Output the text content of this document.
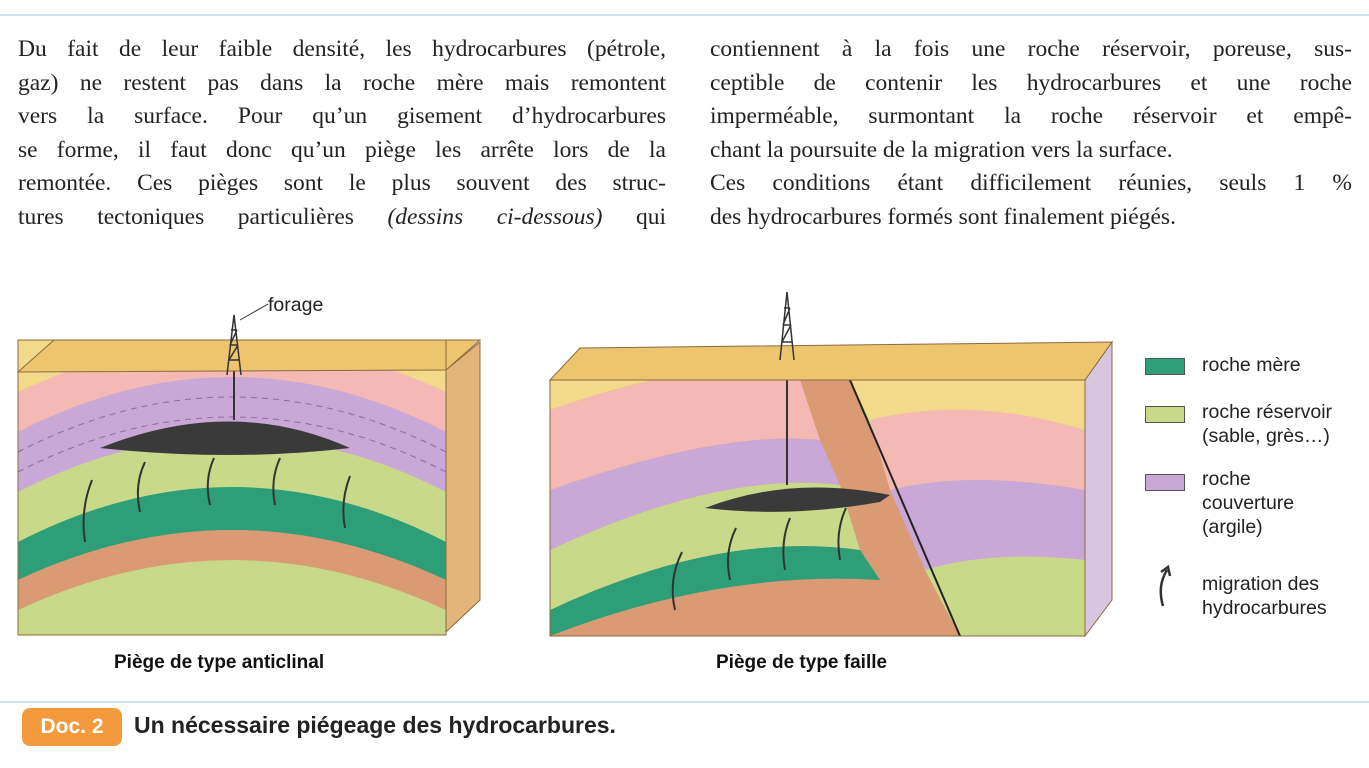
Du fait de leur faible densité, les hydrocarbures (pétrole,
gaz) ne restent pas dans la roche mère mais remontent
vers la surface. Pour qu’un gisement d’hydrocarbures
se forme, il faut donc qu’un piège les arrête lors de la
remontée. Ces pièges sont le plus souvent des struc-
tures tectoniques particulières (dessins ci-dessous) qui
contiennent à la fois une roche réservoir, poreuse, sus-
ceptible de contenir les hydrocarbures et une roche
imperméable, surmontant la roche réservoir et empê-
chant la poursuite de la migration vers la surface.
Ces conditions étant difficilement réunies, seuls 1 %
des hydrocarbures formés sont finalement piégés.
forage
Piège de type anticlinal	Piège de type faille
roche mère
roche réservoir
(sable, grès…)
roche
couverture
(argile)
migration des
hydrocarbures
Doc. 2	Un nécessaire piégeage des hydrocarbures.
